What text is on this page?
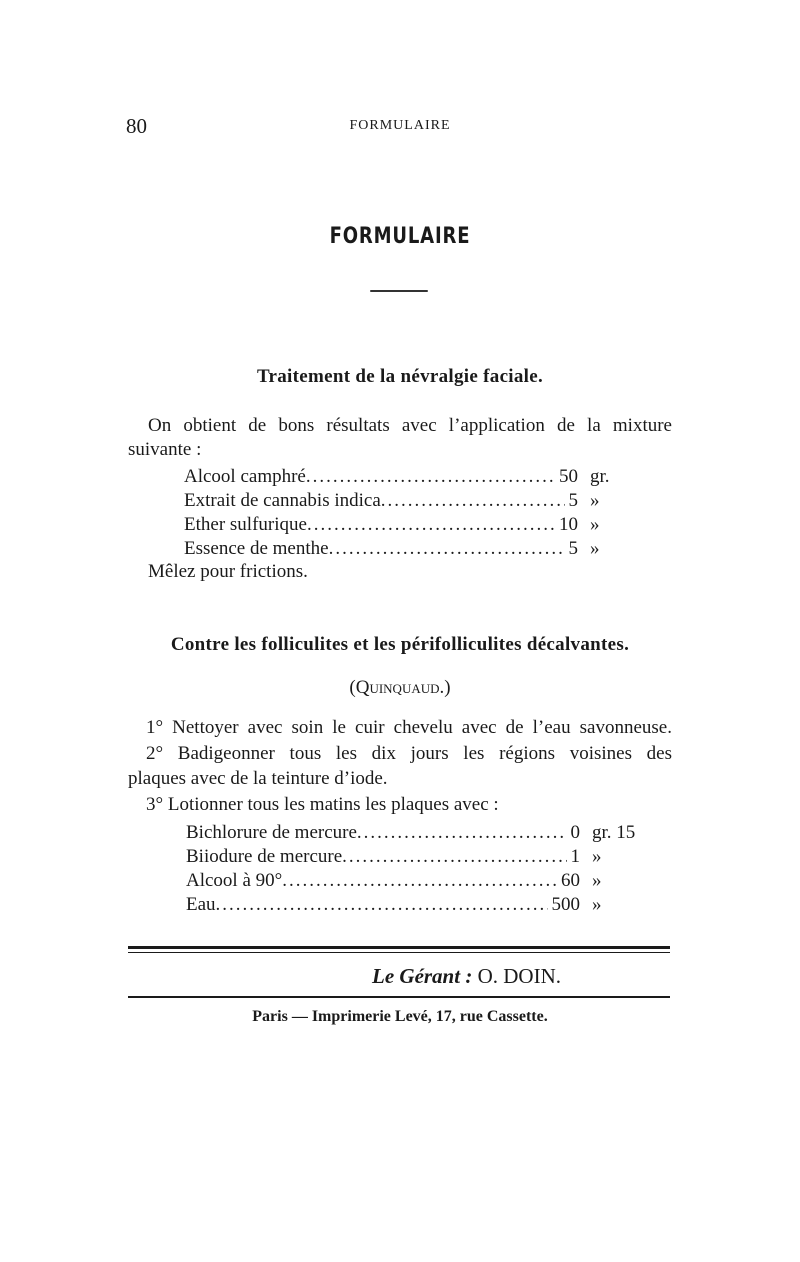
80	FORMULAIRE
FORMULAIRE
Traitement de la névralgie faciale.
On obtient de bons résultats avec l’application de la mixture
suivante :
Alcool camphré .....	50 gr.
Extrait de cannabis indica .....	5 »
Ether sulfurique .....	10 »
Essence de menthe .....	5 »
Mêlez pour frictions.
Contre les folliculites et les périfolliculites décalvantes.
(Quinquaud.)
1° Nettoyer avec soin le cuir chevelu avec de l’eau savonneuse.
2° Badigeonner tous les dix jours les régions voisines des
plaques avec de la teinture d’iode.
3° Lotionner tous les matins les plaques avec :
Bichlorure de mercure .....	0 gr. 15
Biiodure de mercure .....	1 »
Alcool à 90° .....	60 »
Eau .....	500 »
Le Gérant : O. DOIN.
Paris — Imprimerie Levé, 17, rue Cassette.
